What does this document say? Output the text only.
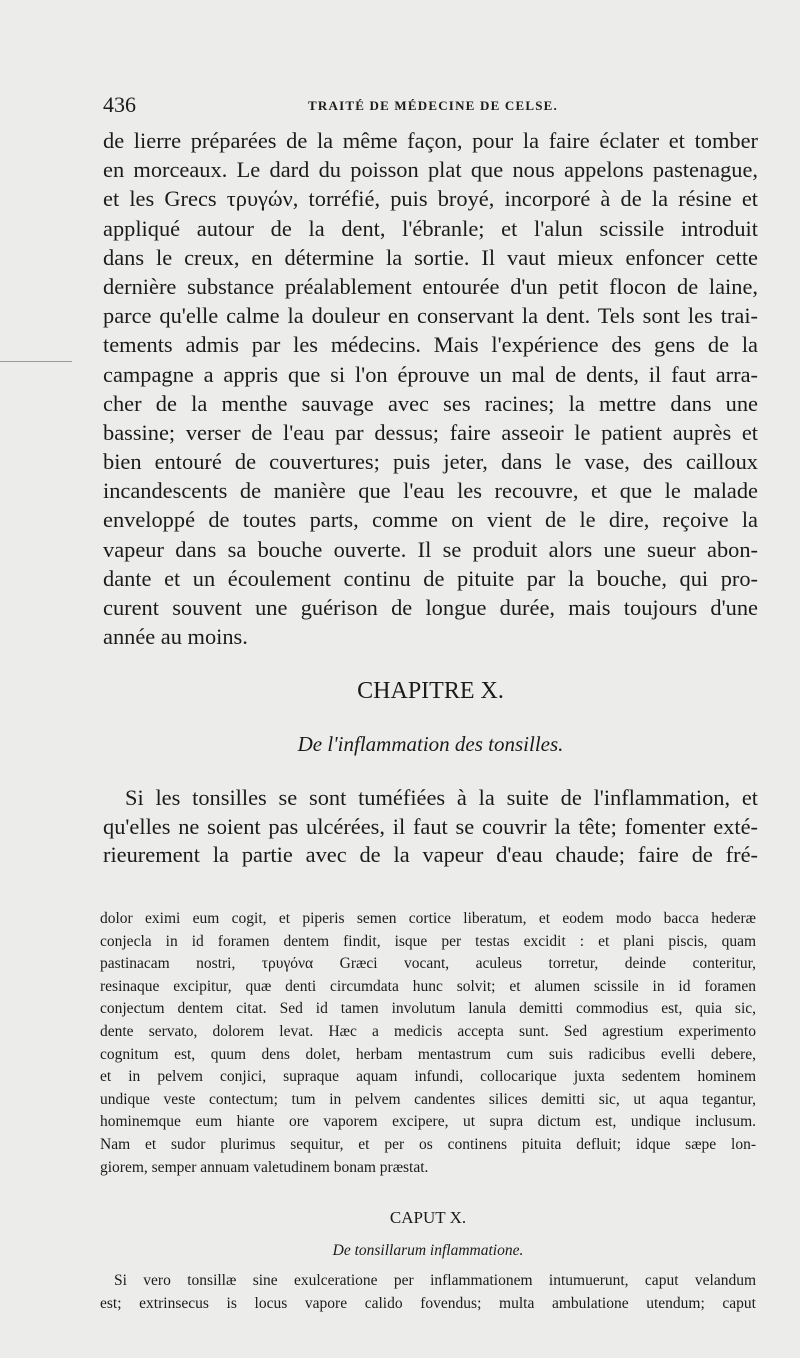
436	TRAITÉ DE MÉDECINE DE CELSE.
de lierre préparées de la même façon, pour la faire éclater et tomber
en morceaux. Le dard du poisson plat que nous appelons pastenague,
et les Grecs τρυγών, torréfié, puis broyé, incorporé à de la résine et
appliqué autour de la dent, l'ébranle; et l'alun scissile introduit
dans le creux, en détermine la sortie. Il vaut mieux enfoncer cette
dernière substance préalablement entourée d'un petit flocon de laine,
parce qu'elle calme la douleur en conservant la dent. Tels sont les trai-
tements admis par les médecins. Mais l'expérience des gens de la
campagne a appris que si l'on éprouve un mal de dents, il faut arra-
cher de la menthe sauvage avec ses racines; la mettre dans une
bassine; verser de l'eau par dessus; faire asseoir le patient auprès et
bien entouré de couvertures; puis jeter, dans le vase, des cailloux
incandescents de manière que l'eau les recouvre, et que le malade
enveloppé de toutes parts, comme on vient de le dire, reçoive la
vapeur dans sa bouche ouverte. Il se produit alors une sueur abon-
dante et un écoulement continu de pituite par la bouche, qui pro-
curent souvent une guérison de longue durée, mais toujours d'une
année au moins.
CHAPITRE X.
De l'inflammation des tonsilles.
Si les tonsilles se sont tuméfiées à la suite de l'inflammation, et
qu'elles ne soient pas ulcérées, il faut se couvrir la tête; fomenter exté-
rieurement la partie avec de la vapeur d'eau chaude; faire de fré-
dolor eximi eum cogit, et piperis semen cortice liberatum, et eodem modo bacca hederæ
conjecla in id foramen dentem findit, isque per testas excidit : et plani piscis, quam
pastinacam nostri, τρυγόνα Græci vocant, aculeus torretur, deinde conteritur,
resinaque excipitur, quæ denti circumdata hunc solvit; et alumen scissile in id foramen
conjectum dentem citat. Sed id tamen involutum lanula demitti commodius est, quia sic,
dente servato, dolorem levat. Hæc a medicis accepta sunt. Sed agrestium experimento
cognitum est, quum dens dolet, herbam mentastrum cum suis radicibus evelli debere,
et in pelvem conjici, supraque aquam infundi, collocarique juxta sedentem hominem
undique veste contectum; tum in pelvem candentes silices demitti sic, ut aqua tegantur,
hominemque eum hiante ore vaporem excipere, ut supra dictum est, undique inclusum.
Nam et sudor plurimus sequitur, et per os continens pituita defluit; idque sæpe lon-
giorem, semper annuam valetudinem bonam præstat.
CAPUT X.
De tonsillarum inflammatione.
Si vero tonsillæ sine exulceratione per inflammationem intumuerunt, caput velandum
est; extrinsecus is locus vapore calido fovendus; multa ambulatione utendum; caput
